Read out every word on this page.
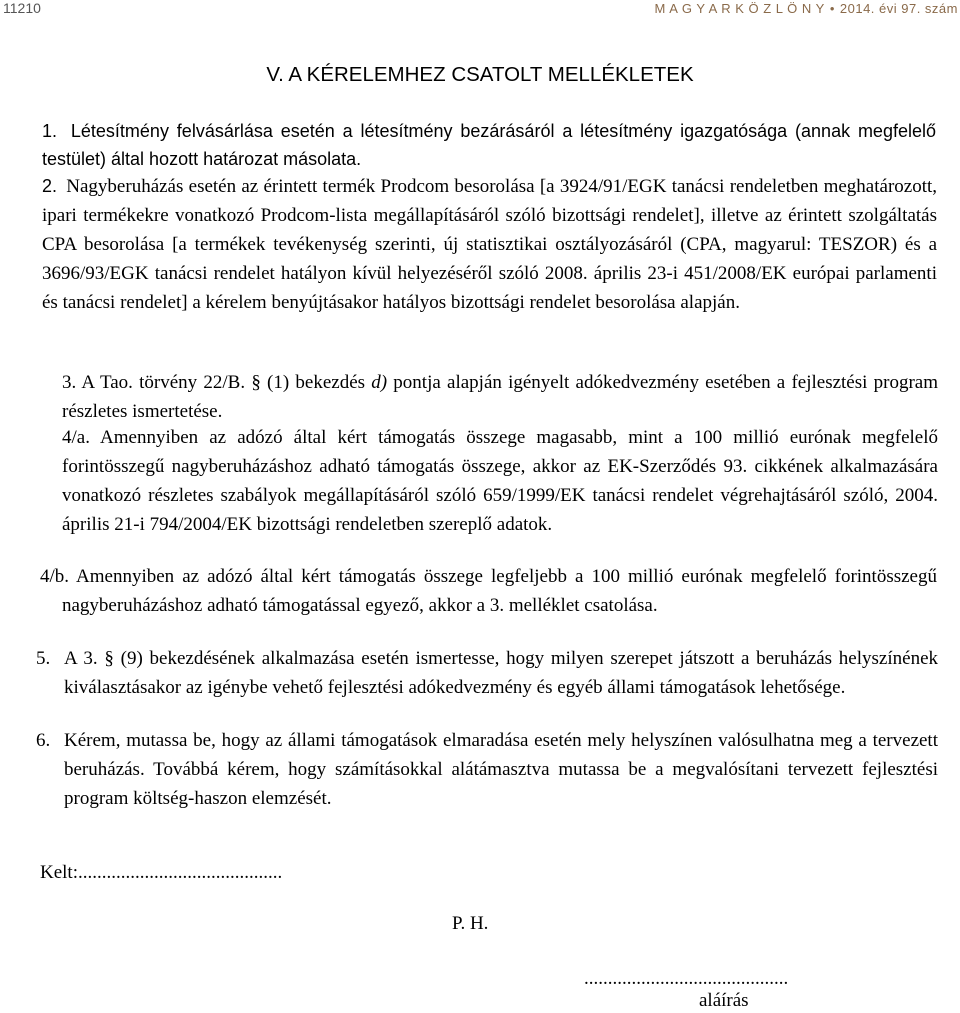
11210	M A G Y A R K Ö Z L Ö N Y • 2014. évi 97. szám
V. A KÉRELEMHEZ CSATOLT MELLÉKLETEK
1. Létesítmény felvásárlása esetén a létesítmény bezárásáról a létesítmény igazgatósága (annak megfelelő testület) által hozott határozat másolata.
2. Nagyberuházás esetén az érintett termék Prodcom besorolása [a 3924/91/EGK tanácsi rendeletben meghatározott, ipari termékekre vonatkozó Prodcom-lista megállapításáról szóló bizottsági rendelet], illetve az érintett szolgáltatás CPA besorolása [a termékek tevékenység szerinti, új statisztikai osztályozásáról (CPA, magyarul: TESZOR) és a 3696/93/EGK tanácsi rendelet hatályon kívül helyezéséről szóló 2008. április 23-i 451/2008/EK európai parlamenti és tanácsi rendelet] a kérelem benyújtásakor hatályos bizottsági rendelet besorolása alapján.
3. A Tao. törvény 22/B. § (1) bekezdés d) pontja alapján igényelt adókedvezmény esetében a fejlesztési program részletes ismertetése.
4/a. Amennyiben az adózó által kért támogatás összege magasabb, mint a 100 millió eurónak megfelelő forintösszegű nagyberuházáshoz adható támogatás összege, akkor az EK-Szerződés 93. cikkének alkalmazására vonatkozó részletes szabályok megállapításáról szóló 659/1999/EK tanácsi rendelet végrehajtásáról szóló, 2004. április 21-i 794/2004/EK bizottsági rendeletben szereplő adatok.
4/b. Amennyiben az adózó által kért támogatás összege legfeljebb a 100 millió eurónak megfelelő forintösszegű nagyberuházáshoz adható támogatással egyező, akkor a 3. melléklet csatolása.
5. A 3. § (9) bekezdésének alkalmazása esetén ismertesse, hogy milyen szerepet játszott a beruházás helyszínének kiválasztásakor az igénybe vehető fejlesztési adókedvezmény és egyéb állami támogatások lehetősége.
6. Kérem, mutassa be, hogy az állami támogatások elmaradása esetén mely helyszínen valósulhatna meg a tervezett beruházás. Továbbá kérem, hogy számításokkal alátámasztva mutassa be a megvalósítani tervezett fejlesztési program költség-haszon elemzését.
Kelt:...........................................
P. H.
...........................................
aláírás
